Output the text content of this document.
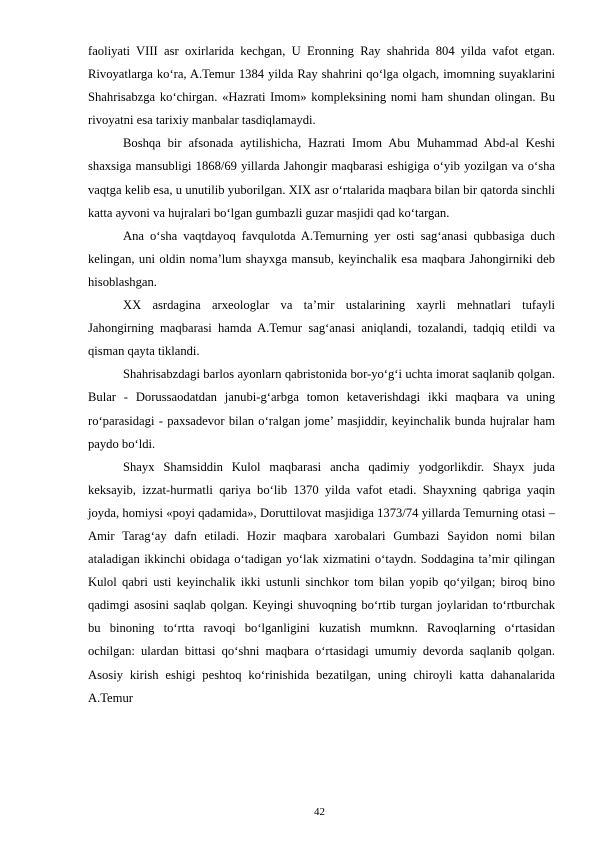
faoliyati VIII asr oxirlarida kechgan, U Eronning Ray shahrida 804 yilda vafot etgan. Rivoyatlarga ko‘ra, A.Temur 1384 yilda Ray shahrini qo‘lga olgach, imomning suyaklarini Shahrisabzga ko‘chirgan. «Hazrati Imom» kompleksining nomi ham shundan olingan. Bu rivoyatni esa tarixiy manbalar tasdiqlamaydi.

Boshqa bir afsonada aytilishicha, Hazrati Imom Abu Muhammad Abd-al Keshi shaxsiga mansubligi 1868/69 yillarda Jahongir maqbarasi eshigiga o‘yib yozilgan va o‘sha vaqtga kelib esa, u unutilib yuborilgan. XIX asr o‘rtalarida maqbara bilan bir qatorda sinchli katta ayvoni va hujralari bo‘lgan gumbazli guzar masjidi qad ko‘targan.

Ana o‘sha vaqtdayoq favqulotda A.Temurning yer osti sag‘anasi qubbasiga duch kelingan, uni oldin noma’lum shayxga mansub, keyinchalik esa maqbara Jahongirniki deb hisoblashgan.

XX asrdagina arxeologlar va ta’mir ustalarining xayrli mehnatlari tufayli Jahongirning maqbarasi hamda A.Temur sag‘anasi aniqlandi, tozalandi, tadqiq etildi va qisman qayta tiklandi.

Shahrisabzdagi barlos ayonlarn qabristonida bor-yo‘g‘i uchta imorat saqlanib qolgan. Bular - Dorussaodatdan janubi-g‘arbga tomon ketaverishdagi ikki maqbara va uning ro‘parasidagi - paxsadevor bilan o‘ralgan jome’ masjiddir, keyinchalik bunda hujralar ham paydo bo‘ldi.

Shayx Shamsiddin Kulol maqbarasi ancha qadimiy yodgorlikdir. Shayx juda keksayib, izzat-hurmatli qariya bo‘lib 1370 yilda vafot etadi. Shayxning qabriga yaqin joyda, homiysi «poyi qadamida», Doruttilovat masjidiga 1373/74 yillarda Temurning otasi – Amir Tarag‘ay dafn etiladi. Hozir maqbara xarobalari Gumbazi Sayidon nomi bilan ataladigan ikkinchi obidaga o‘tadigan yo‘lak xizmatini o‘taydn. Soddagina ta’mir qilingan Kulol qabri usti keyinchalik ikki ustunli sinchkor tom bilan yopib qo‘yilgan; biroq bino qadimgi asosini saqlab qolgan. Keyingi shuvoqning bo‘rtib turgan joylaridan to‘rtburchak bu binoning to‘rtta ravoqi bo‘lganligini kuzatish mumknn. Ravoqlarning o‘rtasidan ochilgan: ulardan bittasi qo‘shni maqbara o‘rtasidagi umumiy devorda saqlanib qolgan. Asosiy kirish eshigi peshtoq ko‘rinishida bezatilgan, uning chiroyli katta dahanalarida A.Temur

42
